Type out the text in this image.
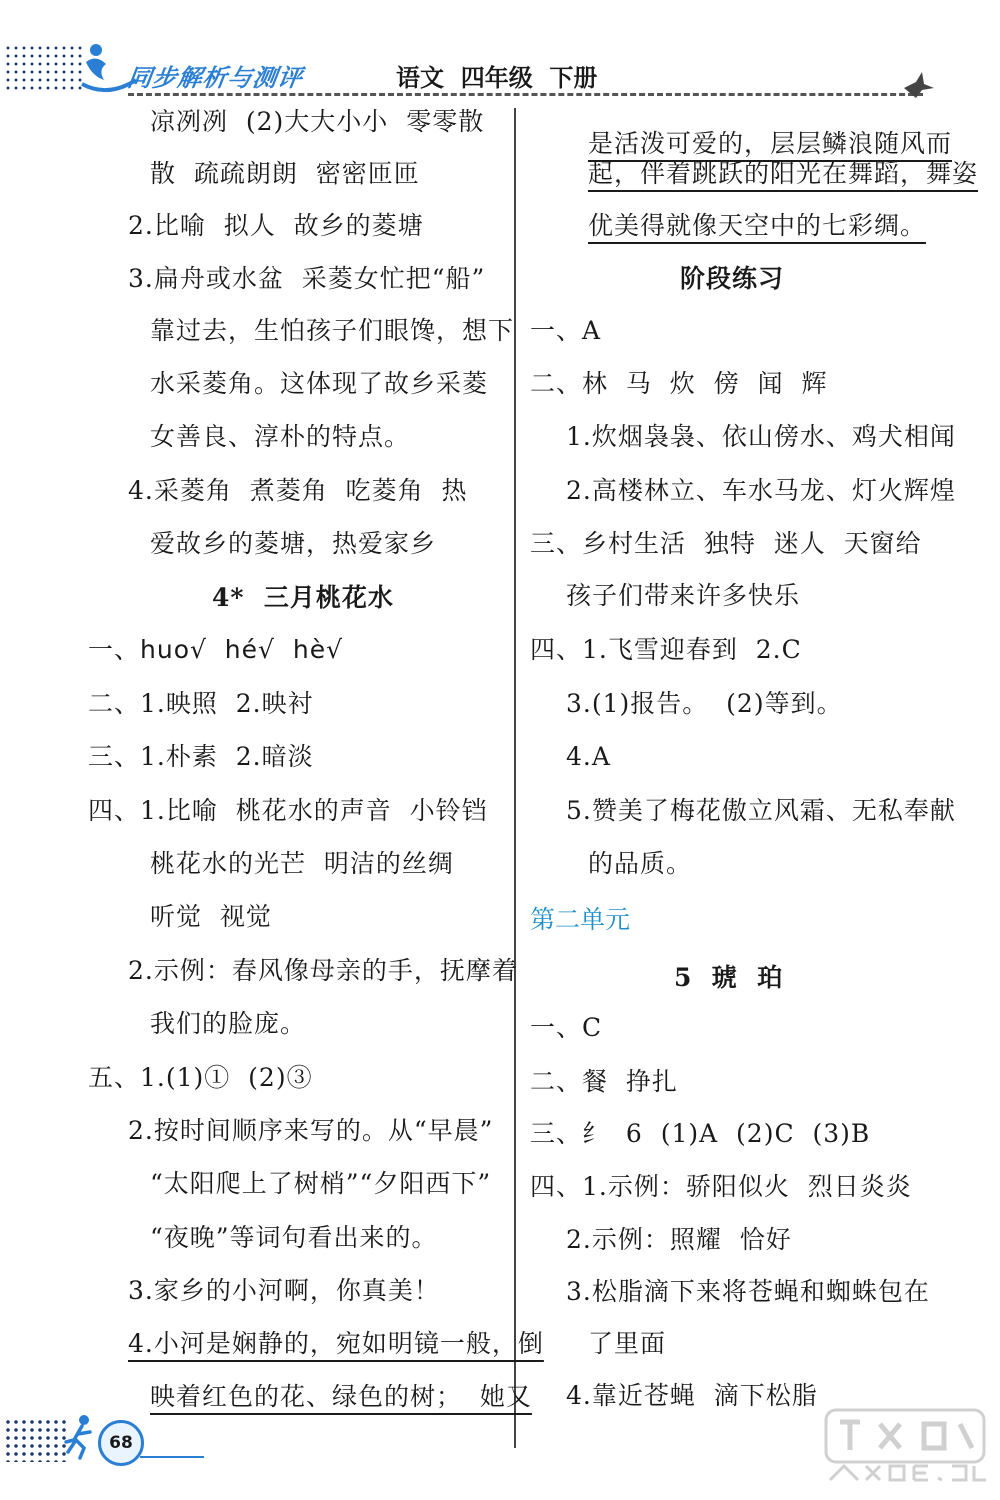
同步解析与测评	语文  四年级  下册
凉冽冽  (2)大大小小  零零散
散  疏疏朗朗  密密匝匝
2.比喻  拟人  故乡的菱塘
3.扁舟或水盆  采菱女忙把“船”
靠过去，生怕孩子们眼馋，想下
水采菱角。这体现了故乡采菱
女善良、淳朴的特点。
4.采菱角  煮菱角  吃菱角  热
爱故乡的菱塘，热爱家乡
4*  三月桃花水
一、huo√  hé√  hè√
二、1.映照  2.映衬
三、1.朴素  2.暗淡
四、1.比喻  桃花水的声音  小铃铛
桃花水的光芒  明洁的丝绸
听觉  视觉
2.示例：春风像母亲的手，抚摩着
我们的脸庞。
五、1.(1)①  (2)③
2.按时间顺序来写的。从“早晨”
“太阳爬上了树梢”“夕阳西下”
“夜晚”等词句看出来的。
3.家乡的小河啊，你真美！
4.小河是娴静的，宛如明镜一般，倒
映着红色的花、绿色的树；  她又
是活泼可爱的，层层鳞浪随风而
起，伴着跳跃的阳光在舞蹈，舞姿
优美得就像天空中的七彩绸。
阶段练习
一、A
二、林  马  炊  傍  闻  辉
1.炊烟袅袅、依山傍水、鸡犬相闻
2.高楼林立、车水马龙、灯火辉煌
三、乡村生活  独特  迷人  天窗给
孩子们带来许多快乐
四、1.飞雪迎春到  2.C
3.(1)报告。  (2)等到。
4.A
5.赞美了梅花傲立风霜、无私奉献
的品质。
第二单元
5  琥  珀
一、C
二、餐  挣扎
三、纟  6  (1)A  (2)C  (3)B
四、1.示例：骄阳似火  烈日炎炎
2.示例：照耀  恰好
3.松脂滴下来将苍蝇和蜘蛛包在
了里面
4.靠近苍蝇  滴下松脂
68
